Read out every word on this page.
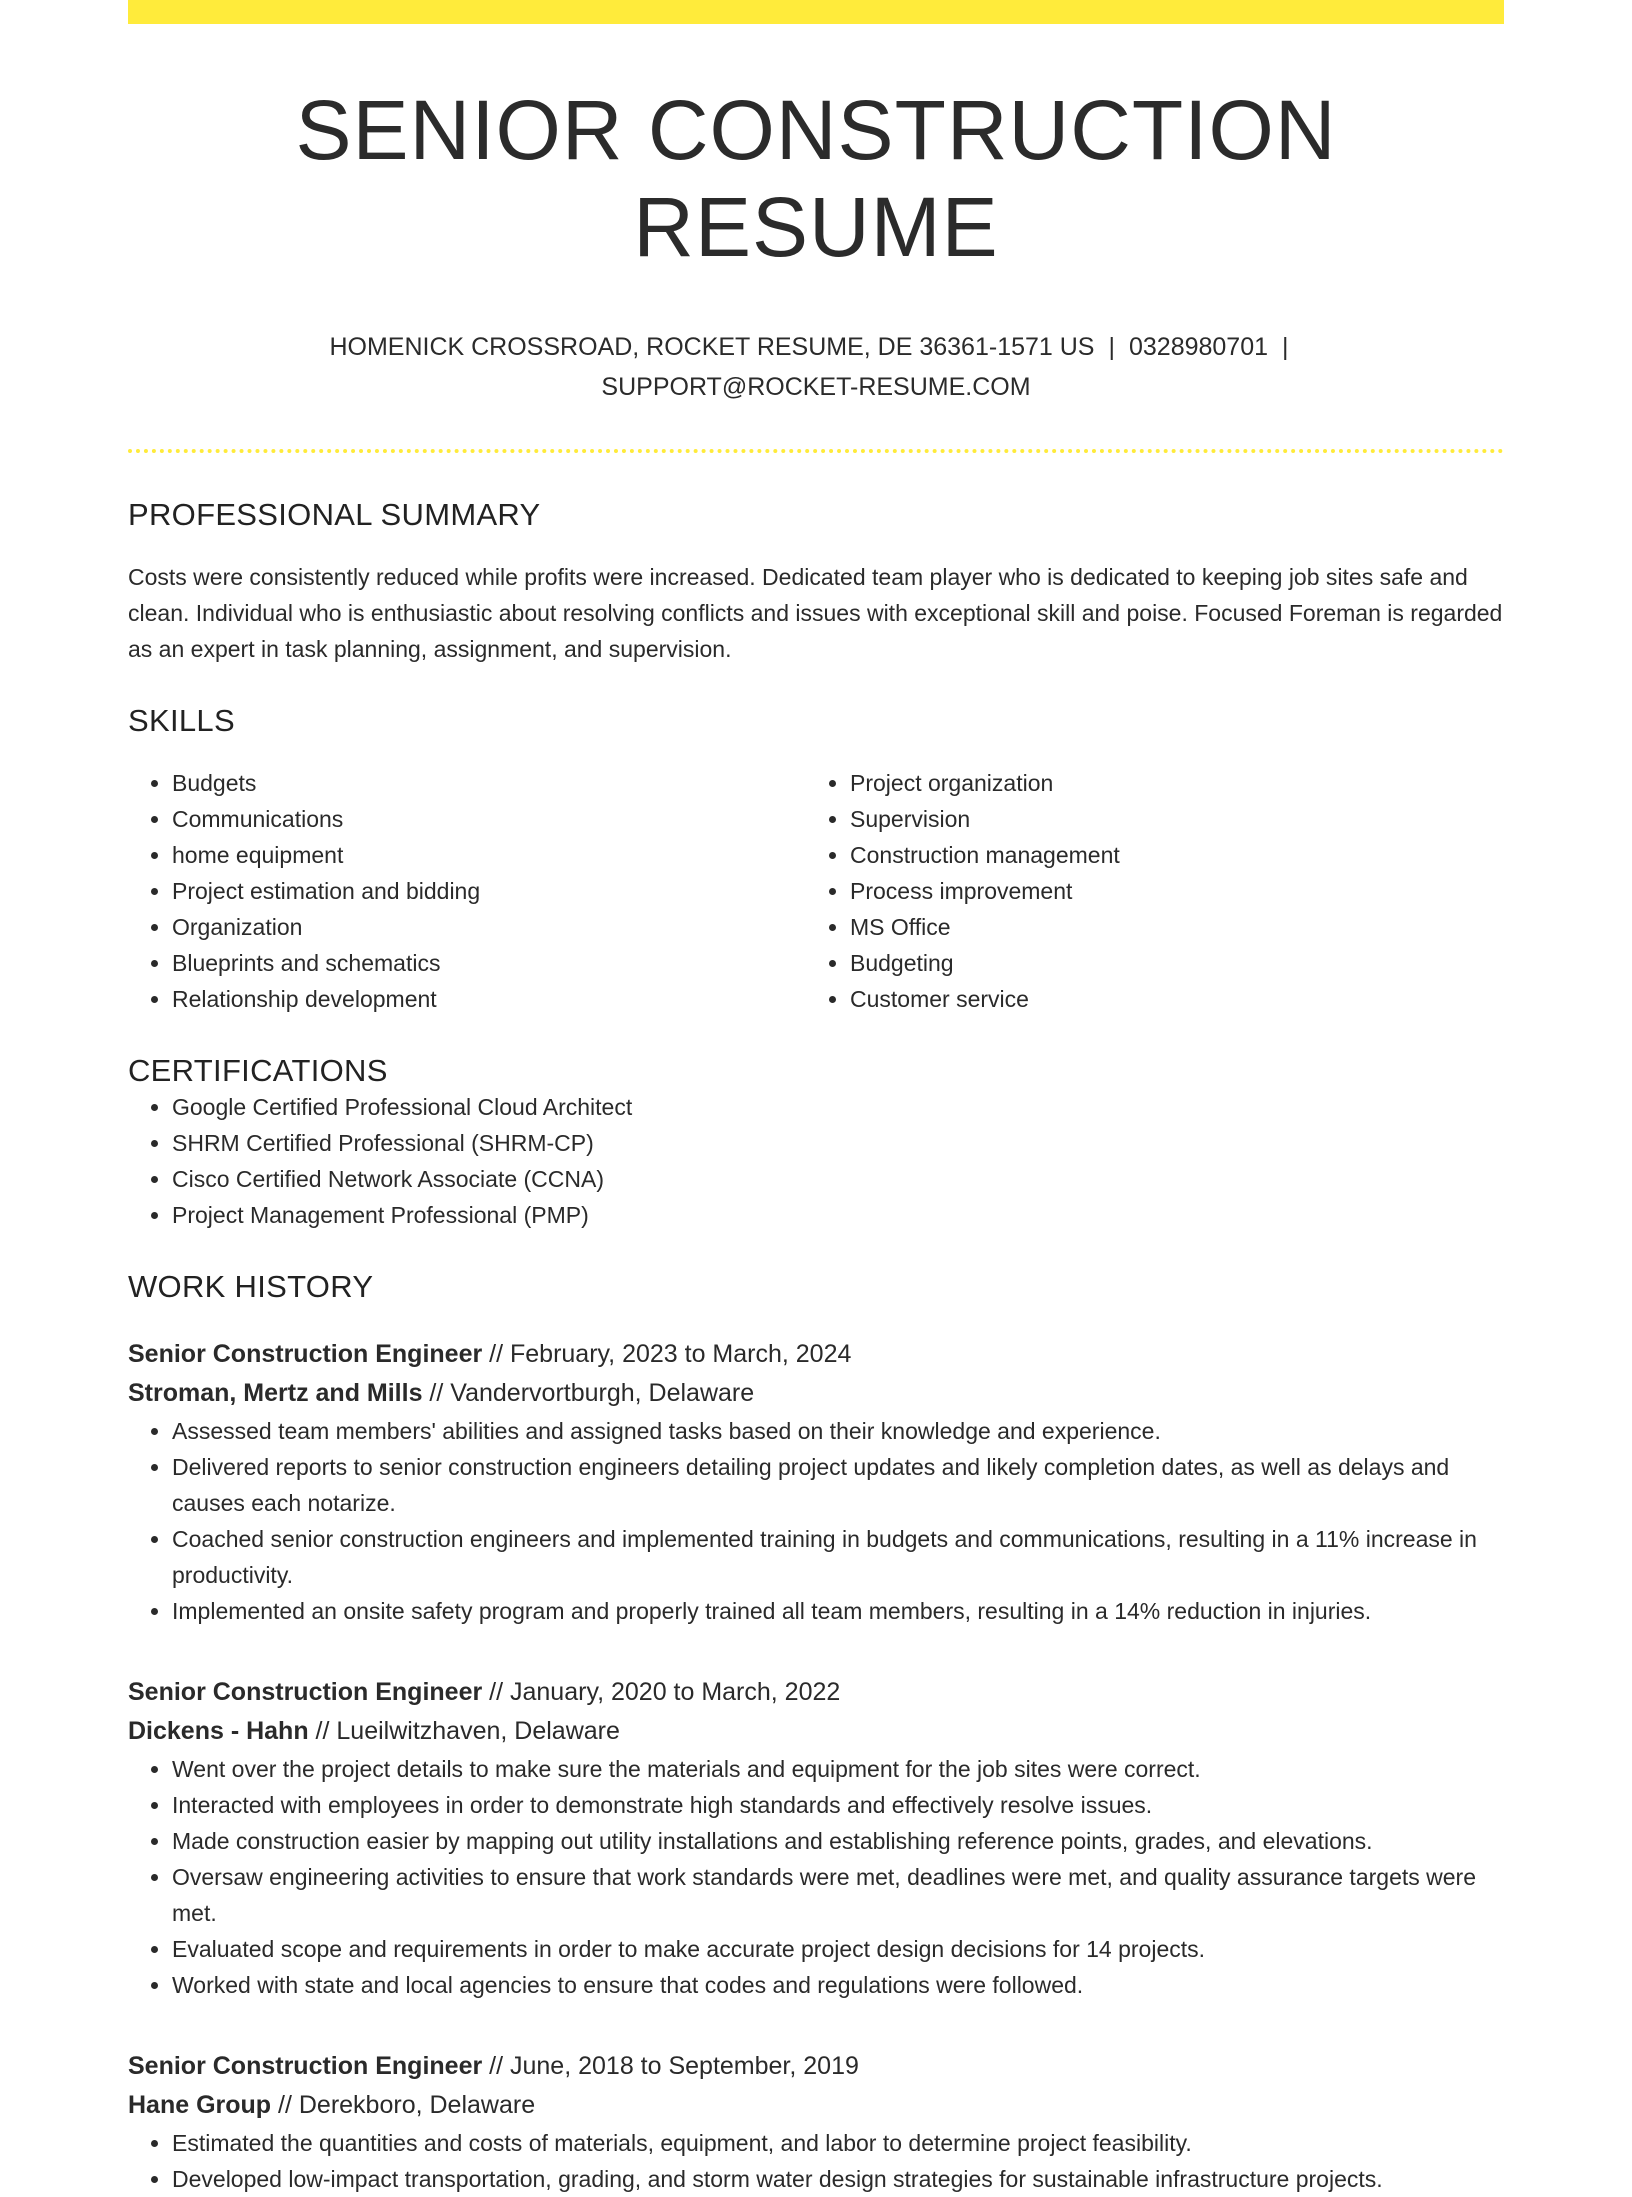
SENIOR CONSTRUCTION RESUME
HOMENICK CROSSROAD, ROCKET RESUME, DE 36361-1571 US | 0328980701 |
SUPPORT@ROCKET-RESUME.COM
PROFESSIONAL SUMMARY

Costs were consistently reduced while profits were increased. Dedicated team player who is dedicated to keeping job sites safe and clean. Individual who is enthusiastic about resolving conflicts and issues with exceptional skill and poise. Focused Foreman is regarded as an expert in task planning, assignment, and supervision.

SKILLS
• Budgets
• Communications
• home equipment
• Project estimation and bidding
• Organization
• Blueprints and schematics
• Relationship development
• Project organization
• Supervision
• Construction management
• Process improvement
• MS Office
• Budgeting
• Customer service
CERTIFICATIONS
• Google Certified Professional Cloud Architect
• SHRM Certified Professional (SHRM-CP)
• Cisco Certified Network Associate (CCNA)
• Project Management Professional (PMP)
WORK HISTORY
Senior Construction Engineer // February, 2023 to March, 2024
Stroman, Mertz and Mills // Vandervortburgh, Delaware
• Assessed team members' abilities and assigned tasks based on their knowledge and experience.
• Delivered reports to senior construction engineers detailing project updates and likely completion dates, as well as delays and causes each notarize.
• Coached senior construction engineers and implemented training in budgets and communications, resulting in a 11% increase in productivity.
• Implemented an onsite safety program and properly trained all team members, resulting in a 14% reduction in injuries.
Senior Construction Engineer // January, 2020 to March, 2022
Dickens - Hahn // Lueilwitzhaven, Delaware
• Went over the project details to make sure the materials and equipment for the job sites were correct.
• Interacted with employees in order to demonstrate high standards and effectively resolve issues.
• Made construction easier by mapping out utility installations and establishing reference points, grades, and elevations.
• Oversaw engineering activities to ensure that work standards were met, deadlines were met, and quality assurance targets were met.
• Evaluated scope and requirements in order to make accurate project design decisions for 14 projects.
• Worked with state and local agencies to ensure that codes and regulations were followed.
Senior Construction Engineer // June, 2018 to September, 2019
Hane Group // Derekboro, Delaware
• Estimated the quantities and costs of materials, equipment, and labor to determine project feasibility.
• Developed low-impact transportation, grading, and storm water design strategies for sustainable infrastructure projects.
